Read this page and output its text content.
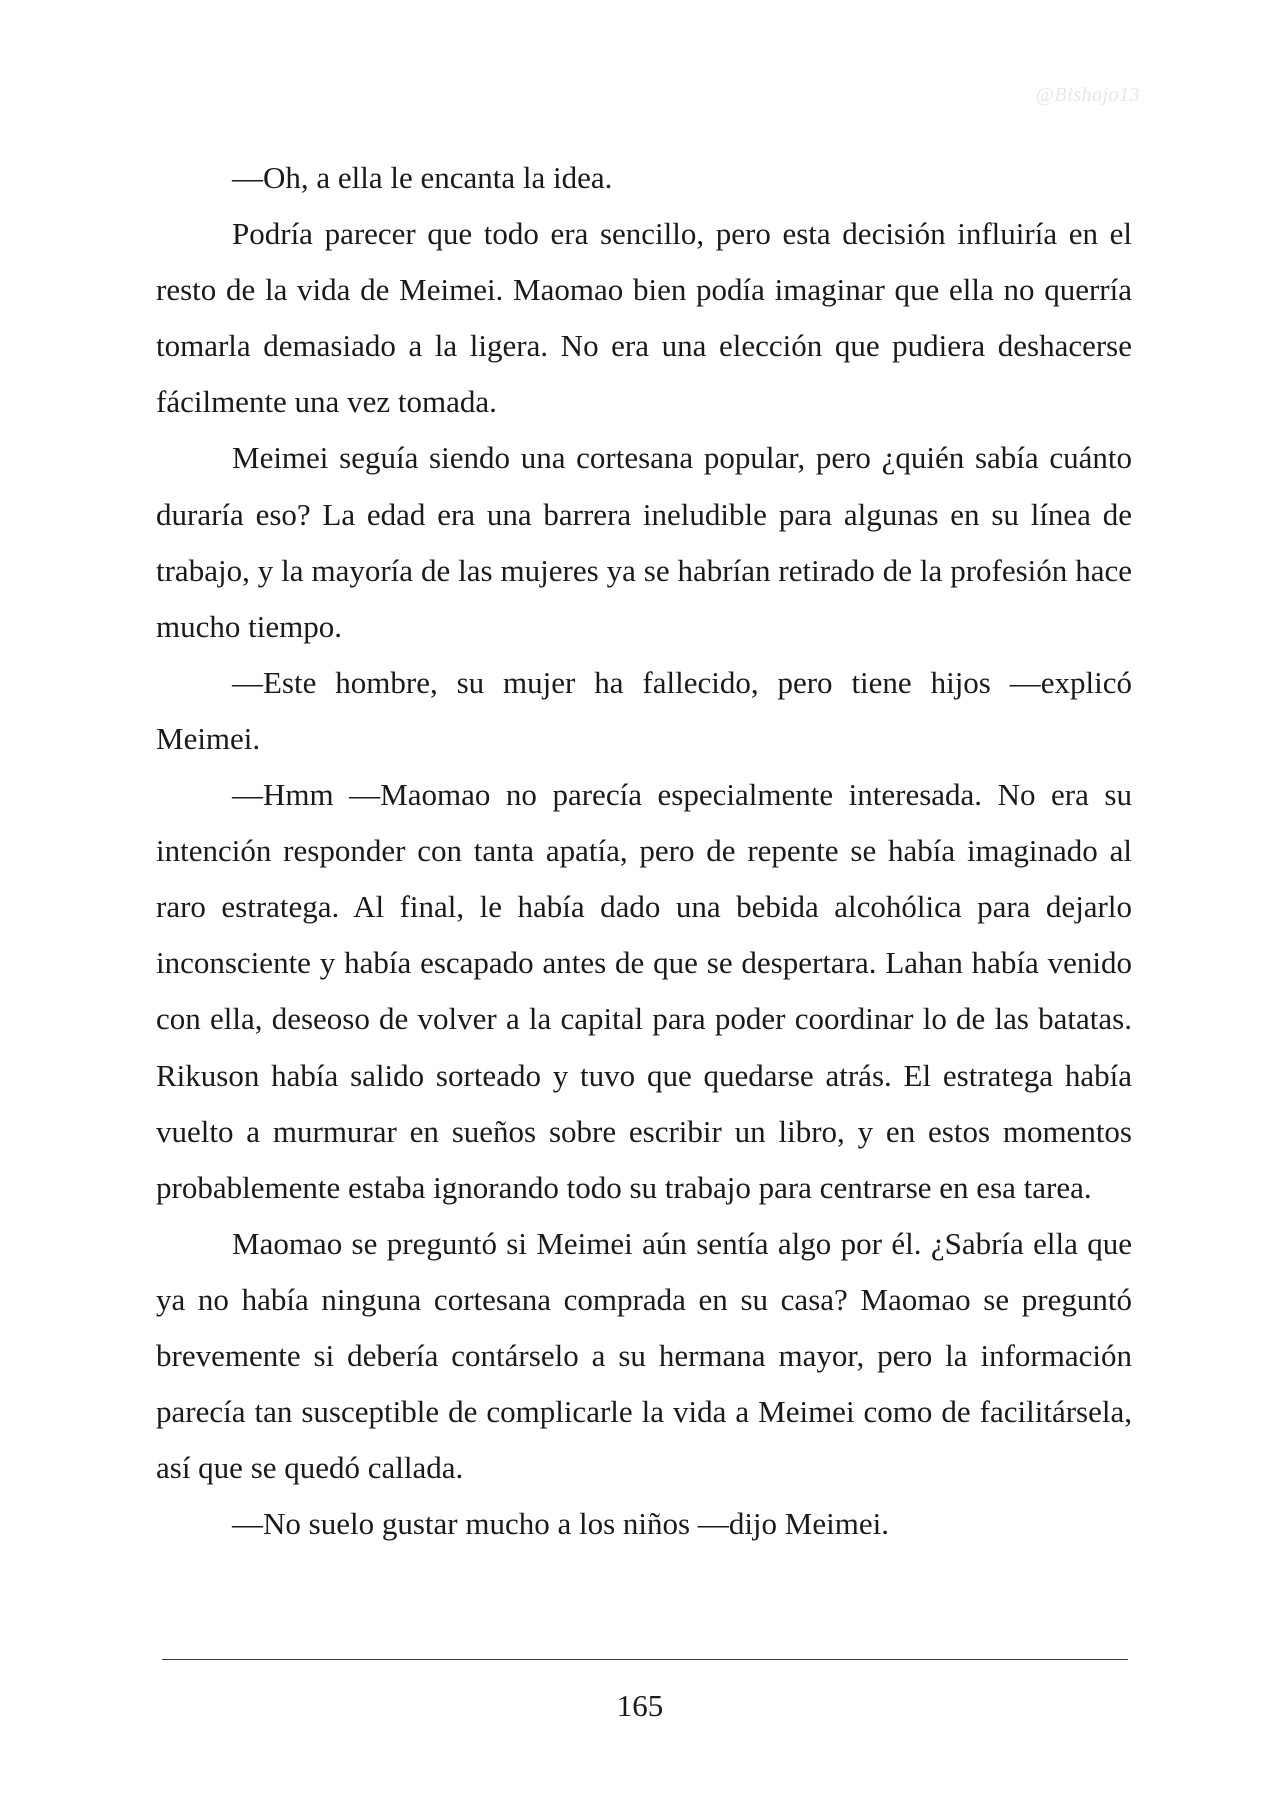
@Bishojo13

—Oh, a ella le encanta la idea.

Podría parecer que todo era sencillo, pero esta decisión influiría en el resto de la vida de Meimei. Maomao bien podía imaginar que ella no querría tomarla demasiado a la ligera. No era una elección que pudiera deshacerse fácilmente una vez tomada.

Meimei seguía siendo una cortesana popular, pero ¿quién sabía cuánto duraría eso? La edad era una barrera ineludible para algunas en su línea de trabajo, y la mayoría de las mujeres ya se habrían retirado de la profesión hace mucho tiempo.

—Este hombre, su mujer ha fallecido, pero tiene hijos —explicó Meimei.

—Hmm —Maomao no parecía especialmente interesada. No era su intención responder con tanta apatía, pero de repente se había imaginado al raro estratega. Al final, le había dado una bebida alcohólica para dejarlo inconsciente y había escapado antes de que se despertara. Lahan había venido con ella, deseoso de volver a la capital para poder coordinar lo de las batatas. Rikuson había salido sorteado y tuvo que quedarse atrás. El estratega había vuelto a murmurar en sueños sobre escribir un libro, y en estos momentos probablemente estaba ignorando todo su trabajo para centrarse en esa tarea.

Maomao se preguntó si Meimei aún sentía algo por él. ¿Sabría ella que ya no había ninguna cortesana comprada en su casa? Maomao se preguntó brevemente si debería contárselo a su hermana mayor, pero la información parecía tan susceptible de complicarle la vida a Meimei como de facilitársela, así que se quedó callada.

—No suelo gustar mucho a los niños —dijo Meimei.

165
